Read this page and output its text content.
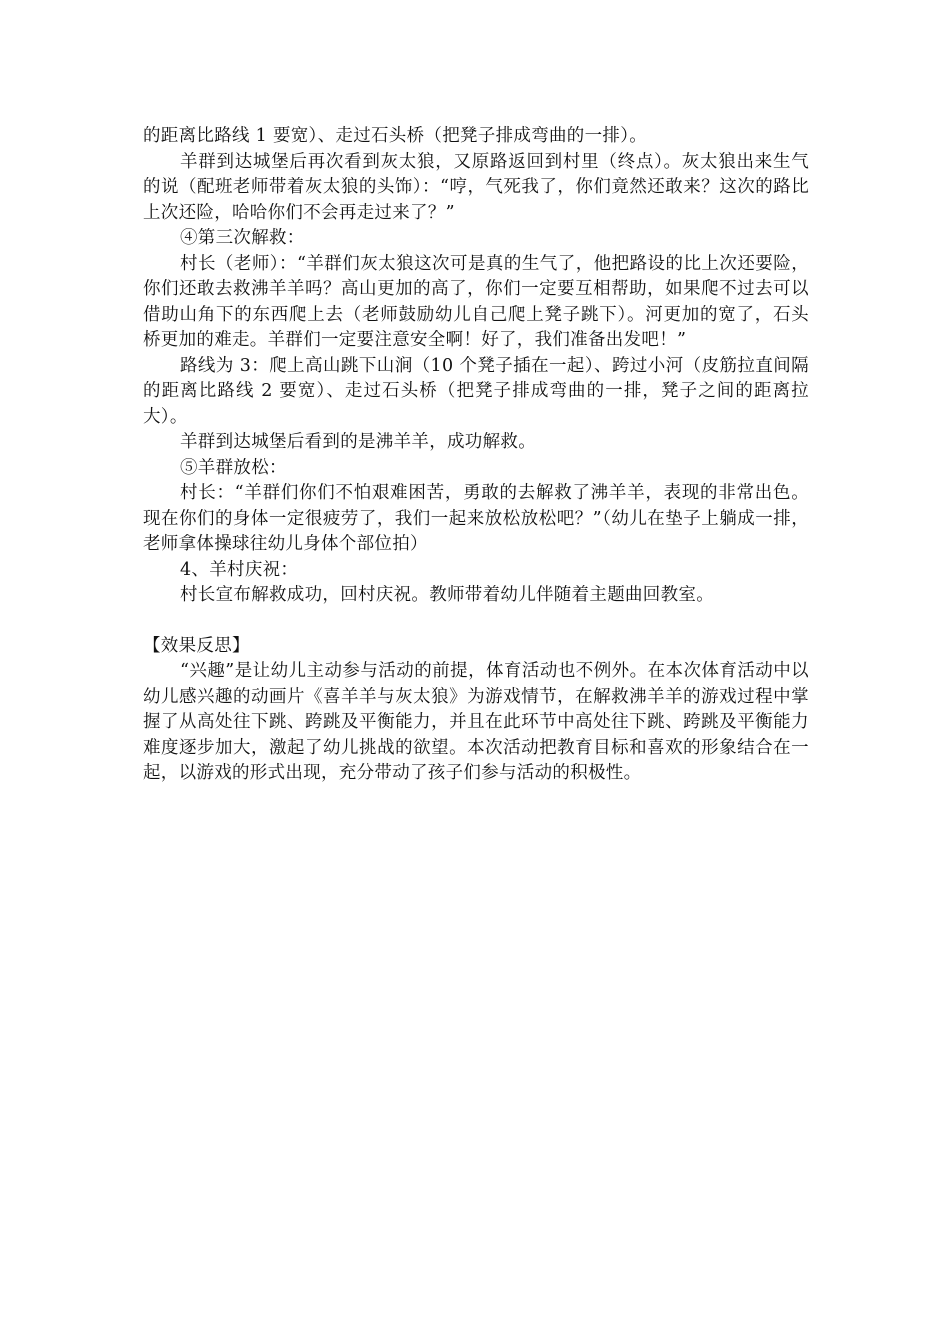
的距离比路线 1 要宽）、走过石头桥（把凳子排成弯曲的一排）。

羊群到达城堡后再次看到灰太狼，又原路返回到村里（终点）。灰太狼出来生气的说（配班老师带着灰太狼的头饰）：“哼，气死我了，你们竟然还敢来？这次的路比上次还险，哈哈你们不会再走过来了？”

④第三次解救：

村长（老师）：“羊群们灰太狼这次可是真的生气了，他把路设的比上次还要险，你们还敢去救沸羊羊吗？高山更加的高了，你们一定要互相帮助，如果爬不过去可以借助山角下的东西爬上去（老师鼓励幼儿自己爬上凳子跳下）。河更加的宽了，石头桥更加的难走。羊群们一定要注意安全啊！好了，我们准备出发吧！”

路线为 3：爬上高山跳下山涧（10 个凳子插在一起）、跨过小河（皮筋拉直间隔的距离比路线 2 要宽）、走过石头桥（把凳子排成弯曲的一排，凳子之间的距离拉大）。

羊群到达城堡后看到的是沸羊羊，成功解救。

⑤羊群放松：

村长：“羊群们你们不怕艰难困苦，勇敢的去解救了沸羊羊，表现的非常出色。现在你们的身体一定很疲劳了，我们一起来放松放松吧？”（幼儿在垫子上躺成一排，老师拿体操球往幼儿身体个部位拍）

4、羊村庆祝：

村长宣布解救成功，回村庆祝。教师带着幼儿伴随着主题曲回教室。

【效果反思】

“兴趣”是让幼儿主动参与活动的前提，体育活动也不例外。在本次体育活动中以幼儿感兴趣的动画片《喜羊羊与灰太狼》为游戏情节，在解救沸羊羊的游戏过程中掌握了从高处往下跳、跨跳及平衡能力，并且在此环节中高处往下跳、跨跳及平衡能力难度逐步加大，激起了幼儿挑战的欲望。本次活动把教育目标和喜欢的形象结合在一起，以游戏的形式出现，充分带动了孩子们参与活动的积极性。
